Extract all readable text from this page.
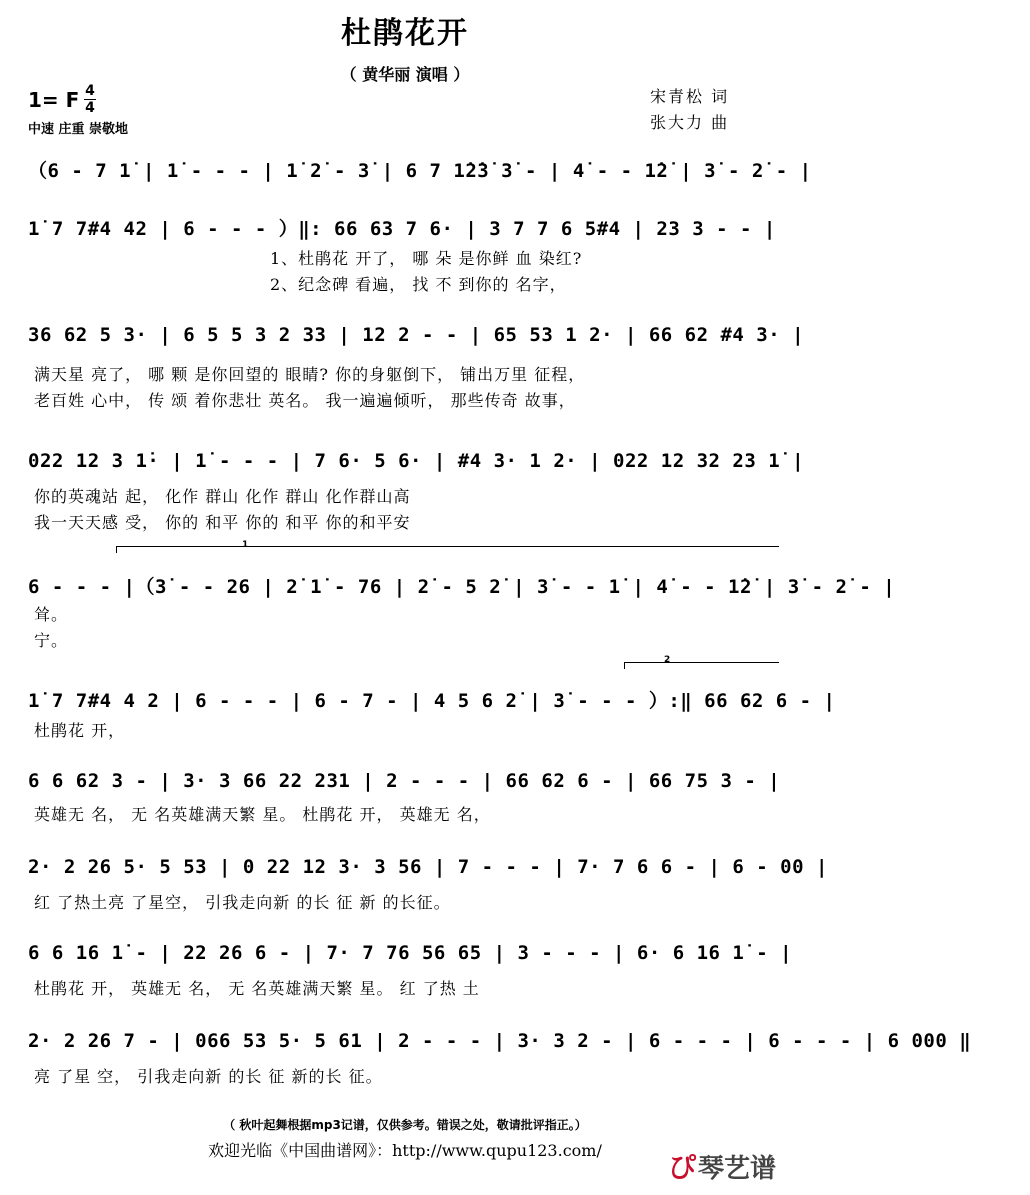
杜鹃花开
（ 黄华丽 演唱 ）
1= F 4
4
中速 庄重 崇敬地
宋青松 词
张大力 曲
（6 - 7 1̇ | 1̇ - - - | 1̇ 2̇ - 3̇ | 6 7 1̇2̇3̇ 3̇ - | 4̇ - - 1̇2̇ | 3̇ - 2̇ - |
1̇ 7 7#4 42 | 6 - - - ）‖: 66 63 7 6· | 3 7 7 6 5#4 | 23 3 - - |
1、杜鹃花 开了， 哪 朵 是你鲜 血 染红?
2、纪念碑 看遍， 找 不 到你的 名字，
36 62 5 3· | 6 5 5 3 2 33 | 12 2 - - | 65 53 1 2· | 66 62 #4 3· |
满天星 亮了， 哪 颗 是你回望的 眼睛? 你的身躯倒下， 铺出万里 征程，
老百姓 心中， 传 颂 着你悲壮 英名。 我一遍遍倾听， 那些传奇 故事，
022 12 3 1̇· | 1̇ - - - | 7 6· 5 6· | #4 3· 1 2· | 022 12 32 23 1̇ |
你的英魂站 起， 化作 群山 化作 群山 化作群山高
我一天天感 受， 你的 和平 你的 和平 你的和平安
1
6 - - - |（3̇ - - 26 | 2̇ 1̇ - 76 | 2̇ - 5 2̇ | 3̇ - - 1̇ | 4̇ - - 1̇2̇ | 3̇ - 2̇ - |
耸。
宁。
2
1̇ 7 7#4 4 2 | 6 - - - | 6 - 7 - | 4 5 6 2̇ | 3̇ - - - ）:‖ 66 62 6 - |
杜鹃花 开，
6 6 62 3 - | 3· 3 66 22 231 | 2 - - - | 66 62 6 - | 66 75 3 - |
英雄无 名， 无 名英雄满天繁 星。 杜鹃花 开， 英雄无 名，
2· 2 26 5· 5 53 | 0 22 12 3· 3 56 | 7 - - - | 7· 7 6 6 - | 6 - 00 |
红 了热土亮 了星空， 引我走向新 的长 征 新 的长征。
6 6 16 1̇ - | 22 26 6 - | 7· 7 76 56 65 | 3 - - - | 6· 6 16 1̇ - |
杜鹃花 开， 英雄无 名， 无 名英雄满天繁 星。 红 了热 土
2· 2 26 7 - | 066 53 5· 5 61 | 2 - - - | 3· 3 2 - | 6 - - - | 6 - - - | 6 000 ‖
亮 了星 空， 引我走向新 的长 征 新的长 征。
（ 秋叶起舞根据mp3记谱，仅供参考。错误之处，敬请批评指正。）
欢迎光临《中国曲谱网》：http://www.qupu123.com/
ぴ琴艺谱
